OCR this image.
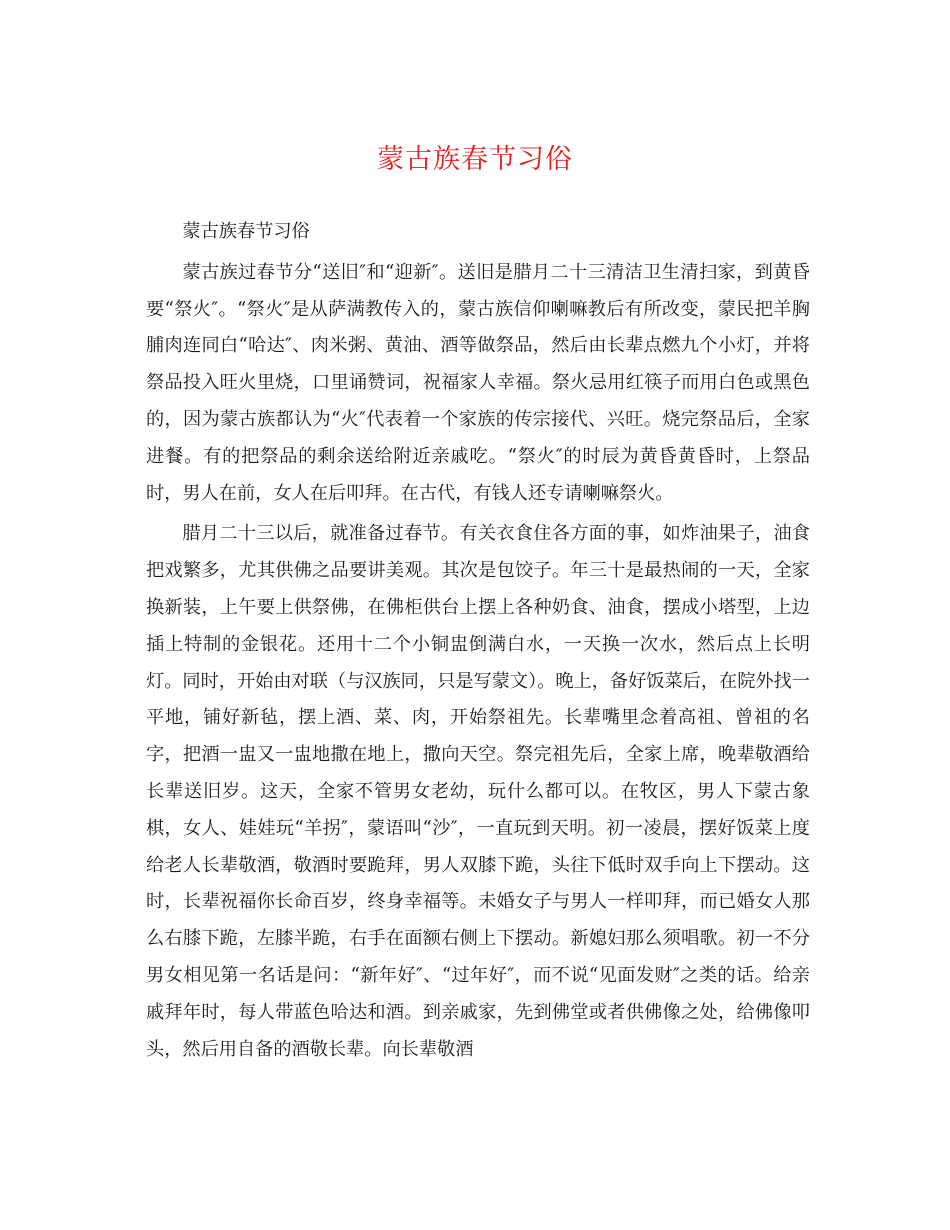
蒙古族春节习俗

蒙古族春节习俗

蒙古族过春节分“送旧″和“迎新″。送旧是腊月二十三清洁卫生清扫家，到黄昏要“祭火″。“祭火″是从萨满教传入的，蒙古族信仰喇嘛教后有所改变，蒙民把羊胸脯肉连同白“哈达″、肉米粥、黄油、酒等做祭品，然后由长辈点燃九个小灯，并将祭品投入旺火里烧，口里诵赞词，祝福家人幸福。祭火忌用红筷子而用白色或黑色的，因为蒙古族都认为“火″代表着一个家族的传宗接代、兴旺。烧完祭品后，全家进餐。有的把祭品的剩余送给附近亲戚吃。“祭火″的时辰为黄昏黄昏时，上祭品时，男人在前，女人在后叩拜。在古代，有钱人还专请喇嘛祭火。

腊月二十三以后，就准备过春节。有关衣食住各方面的事，如炸油果子，油食把戏繁多，尤其供佛之品要讲美观。其次是包饺子。年三十是最热闹的一天，全家换新装，上午要上供祭佛，在佛柜供台上摆上各种奶食、油食，摆成小塔型，上边插上特制的金银花。还用十二个小铜盅倒满白水，一天换一次水，然后点上长明灯。同时，开始由对联（与汉族同，只是写蒙文）。晚上，备好饭菜后，在院外找一平地，铺好新毡，摆上酒、菜、肉，开始祭祖先。长辈嘴里念着高祖、曾祖的名字，把酒一盅又一盅地撒在地上，撒向天空。祭完祖先后，全家上席，晚辈敬酒给长辈送旧岁。这天，全家不管男女老幼，玩什么都可以。在牧区，男人下蒙古象棋，女人、娃娃玩“羊拐″，蒙语叫“沙″，一直玩到天明。初一凌晨，摆好饭菜上度给老人长辈敬酒，敬酒时要跪拜，男人双膝下跪，头往下低时双手向上下摆动。这时，长辈祝福你长命百岁，终身幸福等。未婚女子与男人一样叩拜，而已婚女人那么右膝下跪，左膝半跪，右手在面额右侧上下摆动。新媳妇那么须唱歌。初一不分男女相见第一名话是问：“新年好″、“过年好″，而不说“见面发财″之类的话。给亲戚拜年时，每人带蓝色哈达和酒。到亲戚家，先到佛堂或者供佛像之处，给佛像叩头，然后用自备的酒敬长辈。向长辈敬酒
